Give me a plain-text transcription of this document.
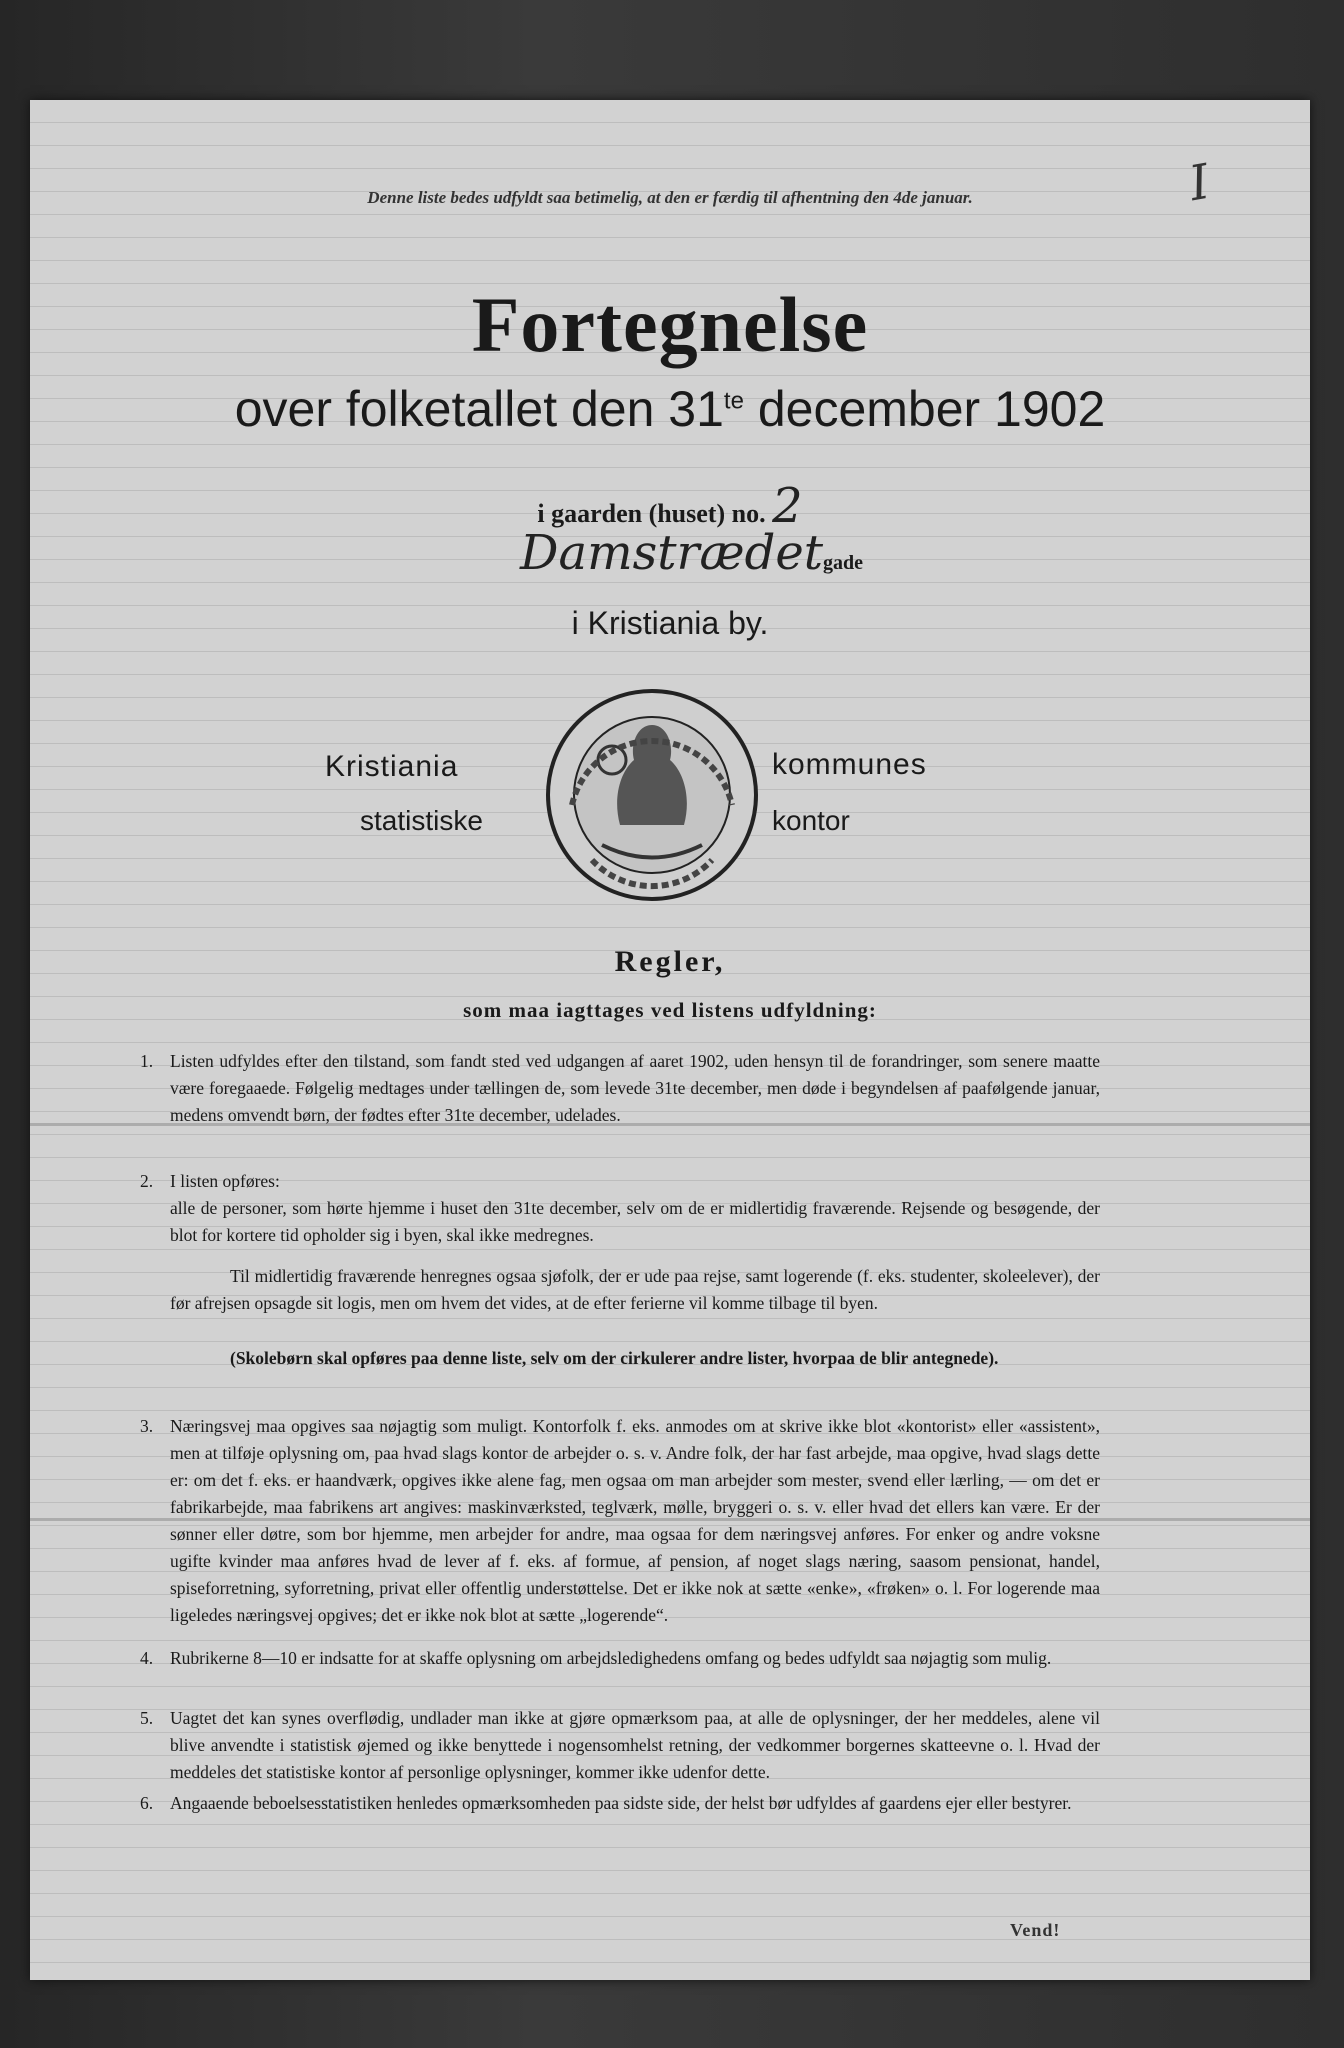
Denne liste bedes udfyldt saa betimelig, at den er færdig til afhentning den 4de januar.	I
Fortegnelse
over folketallet den $31^{te}$ december 1902
i gaarden (huset) no. 2
Damstrædetgade
i Kristiania by.
Kristiania
statistiske
kommunes
kontor
Regler,
som maa iagttages ved listens udfyldning:
1. Listen udfyldes efter den tilstand, som fandt sted ved udgangen af aaret 1902, uden hensyn til de forandringer, som senere maatte være foregaaede. Følgelig medtages under tællingen de, som levede 31te december, men døde i begyndelsen af paafølgende januar, medens omvendt børn, der fødtes efter 31te december, udelades.

2. I listen opføres:

alle de personer, som hørte hjemme i huset den 31te december, selv om de er midlertidig fraværende. Rejsende og besøgende, der blot for kortere tid opholder sig i byen, skal ikke medregnes.

Til midlertidig fraværende henregnes ogsaa sjøfolk, der er ude paa rejse, samt logerende (f. eks. studenter, skoleelever), der før afrejsen opsagde sit logis, men om hvem det vides, at de efter ferierne vil komme tilbage til byen.

(Skolebørn skal opføres paa denne liste, selv om der cirkulerer andre lister, hvorpaa de blir antegnede).

3. Næringsvej maa opgives saa nøjagtig som muligt. Kontorfolk f. eks. anmodes om at skrive ikke blot «kontorist» eller «assistent», men at tilføje oplysning om, paa hvad slags kontor de arbejder o. s. v. Andre folk, der har fast arbejde, maa opgive, hvad slags dette er: om det f. eks. er haandværk, opgives ikke alene fag, men ogsaa om man arbejder som mester, svend eller lærling, — om det er fabrikarbejde, maa fabrikens art angives: maskinværksted, teglværk, mølle, bryggeri o. s. v. eller hvad det ellers kan være. Er der sønner eller døtre, som bor hjemme, men arbejder for andre, maa ogsaa for dem næringsvej anføres. For enker og andre voksne ugifte kvinder maa anføres hvad de lever af f. eks. af formue, af pension, af noget slags næring, saasom pensionat, handel, spiseforretning, syforretning, privat eller offentlig understøttelse. Det er ikke nok at sætte «enke», «frøken» o. l. For logerende maa ligeledes næringsvej opgives; det er ikke nok blot at sætte „logerende“.

4. Rubrikerne 8—10 er indsatte for at skaffe oplysning om arbejdsledighedens omfang og bedes udfyldt saa nøjagtig som mulig.

5. Uagtet det kan synes overflødig, undlader man ikke at gjøre opmærksom paa, at alle de oplysninger, der her meddeles, alene vil blive anvendte i statistisk øjemed og ikke benyttede i nogensomhelst retning, der vedkommer borgernes skatteevne o. l. Hvad der meddeles det statistiske kontor af personlige oplysninger, kommer ikke udenfor dette.

6. Angaaende beboelsesstatistiken henledes opmærksomheden paa sidste side, der helst bør udfyldes af gaardens ejer eller bestyrer.

Vend!
